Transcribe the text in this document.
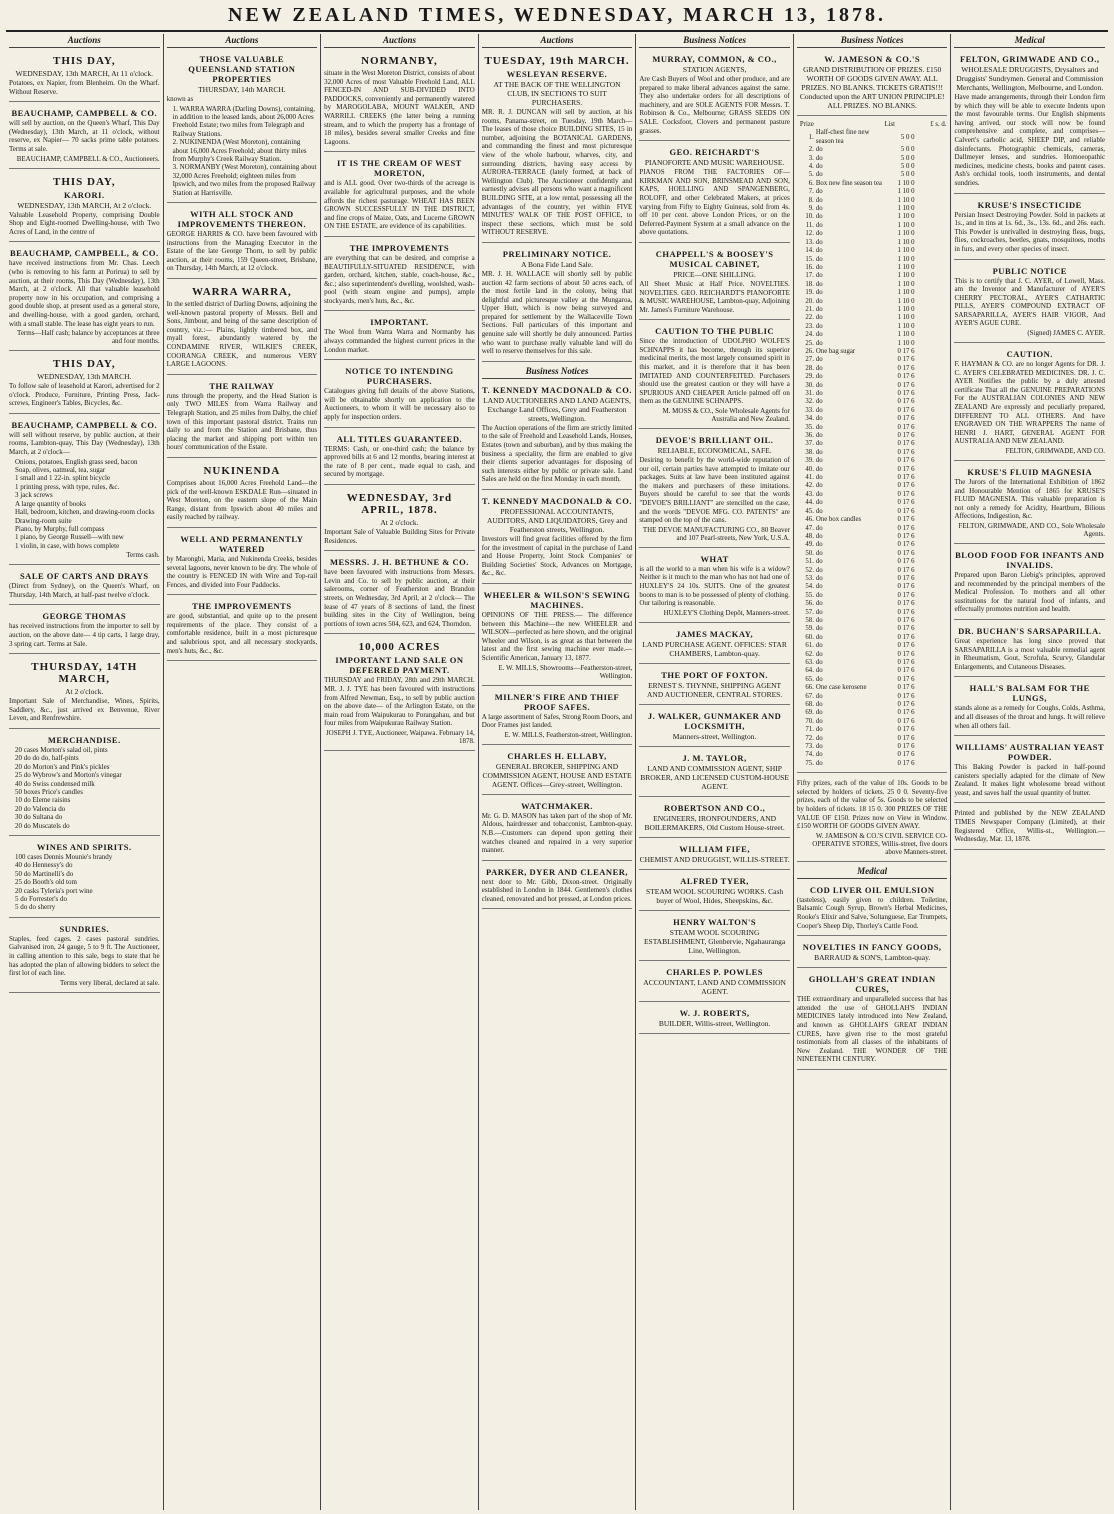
NEW ZEALAND TIMES, WEDNESDAY, MARCH 13, 1878.
Auctions
THIS DAY,
WEDNESDAY, 13th MARCH, At 11 o'clock.
Potatoes, ex Napier, from Blenheim. On the Wharf. Without Reserve.
BEAUCHAMP, CAMPBELL & CO.
will sell by auction, on the Queen's Wharf, This Day (Wednesday), 13th March, at 11 o'clock, without reserve, ex Napier— 70 sacks prime table potatoes. Terms at sale.
BEAUCHAMP, CAMPBELL & CO., Auctioneers.
THIS DAY,
KARORI.
WEDNESDAY, 13th MARCH, At 2 o'clock.
Valuable Leasehold Property, comprising Double Shop and Eight-roomed Dwelling-house, with Two Acres of Land, in the centre of
BEAUCHAMP, CAMPBELL, & CO.
have received instructions from Mr. Chas. Leech (who is removing to his farm at Porirua) to sell by auction, at their rooms, This Day (Wednesday), 13th March, at 2 o'clock. All that valuable leasehold property now in his occupation, and comprising a good double shop, at present used as a general store, and dwelling-house, with a good garden, orchard, with a small stable. The lease has eight years to run.
Terms—Half cash; balance by acceptances at three and four months.
THIS DAY,
WEDNESDAY, 13th MARCH.
To follow sale of leasehold at Karori, advertised for 2 o'clock. Produce, Furniture, Printing Press, Jack-screws, Engineer's Tables, Bicycles, &c.
BEAUCHAMP, CAMPBELL & CO.
will sell without reserve, by public auction, at their rooms, Lambton-quay, This Day (Wednesday), 13th March, at 2 o'clock—
Onions, potatoes, English grass seed, bacon
Soap, olives, oatmeal, tea, sugar
1 small and 1 22-in. splint bicycle
1 printing press, with type, rules, &c.
3 jack screws
A large quantity of books
Hall, bedroom, kitchen, and drawing-room clocks
Drawing-room suite
Piano, by Murphy, full compass
1 piano, by George Russell—with new
1 violin, in case, with bows complete
Terms cash.
SALE OF CARTS AND DRAYS
(Direct from Sydney), on the Queen's Wharf, on Thursday, 14th March, at half-past twelve o'clock.
GEORGE THOMAS
has received instructions from the importer to sell by auction, on the above date— 4 tip carts, 1 large dray, 3 spring cart. Terms at Sale.
THURSDAY, 14TH MARCH,
At 2 o'clock.
Important Sale of Merchandise, Wines, Spirits, Saddlery, &c., just arrived ex Benvenue, River Leven, and Renfrewshire.
MERCHANDISE.
20 cases Morton's salad oil, pints
20 do do do, half-pints
20 do Morton's and Pink's pickles
25 do Wybrow's and Morton's vinegar
40 do Swiss condensed milk
50 boxes Price's candles
10 do Eleme raisins
20 do Valencia do
30 do Sultana do
20 do Muscatels do
WINES AND SPIRITS.
100 cases Dennis Mounie's brandy
40 do Hennessy's do
50 do Martinelli's do
25 do Booth's old tom
20 casks Tyleria's port wine
5 do Forrester's do
5 do do sherry
SUNDRIES.
Staples, feed cages. 2 cases pastoral sundries. Galvanised iron, 24 gauge, 5 to 9 ft. The Auctioneer, in calling attention to this sale, begs to state that he has adopted the plan of allowing bidders to select the first lot of each line.
Terms very liberal, declared at sale.
Auctions
THOSE VALUABLE QUEENSLAND STATION PROPERTIES
THURSDAY, 14th MARCH.
known as
1. WARRA WARRA (Darling Downs), containing, in addition to the leased lands, about 26,000 Acres Freehold Estate; two miles from Telegraph and Railway Stations.
2. NUKINENDA (West Moreton), containing about 16,000 Acres Freehold; about thirty miles from Murphy's Creek Railway Station.
3. NORMANBY (West Moreton), containing about 32,000 Acres Freehold; eighteen miles from Ipswich, and two miles from the proposed Railway Station at Harrisville.
WITH ALL STOCK AND IMPROVEMENTS THEREON.
GEORGE HARRIS & CO. have been favoured with instructions from the Managing Executor in the Estate of the late George Thorn, to sell by public auction, at their rooms, 159 Queen-street, Brisbane, on Thursday, 14th March, at 12 o'clock.
WARRA WARRA,
In the settled district of Darling Downs, adjoining the well-known pastoral property of Messrs. Bell and Sons, Jimbour, and being of the same description of country, viz.:— Plains, lightly timbered box, and myall forest, abundantly watered by the CONDAMINE RIVER, WILKIE'S CREEK, COORANGA CREEK, and numerous VERY LARGE LAGOONS.
THE RAILWAY
runs through the property, and the Head Station is only TWO MILES from Warra Railway and Telegraph Station, and 25 miles from Dalby, the chief town of this important pastoral district. Trains run daily to and from the Station and Brisbane, thus placing the market and shipping port within ten hours' communication of the Estate.
NUKINENDA
Comprises about 16,000 Acres Freehold Land—the pick of the well-known ESKDALE Run—situated in West Moreton, on the eastern slope of the Main Range, distant from Ipswich about 40 miles and easily reached by railway.
WELL AND PERMANENTLY WATERED
by Marongbi, Maria, and Nukinenda Creeks, besides several lagoons, never known to be dry. The whole of the country is FENCED IN with Wire and Top-rail Fences, and divided into Four Paddocks.
THE IMPROVEMENTS
are good, substantial, and quite up to the present requirements of the place. They consist of a comfortable residence, built in a most picturesque and salubrious spot, and all necessary stockyards, men's huts, &c., &c.
Auctions
NORMANBY,
situate in the West Moreton District, consists of about 32,000 Acres of most Valuable Freehold Land, ALL FENCED-IN AND SUB-DIVIDED INTO PADDOCKS, conveniently and permanently watered by MAROGOLABA, MOUNT WALKER, AND WARRILL CREEKS (the latter being a running stream, and to which the property has a frontage of 18 miles), besides several smaller Creeks and fine Lagoons.
IT IS THE CREAM OF WEST MORETON,
and is ALL good. Over two-thirds of the acreage is available for agricultural purposes, and the whole affords the richest pasturage. WHEAT HAS BEEN GROWN SUCCESSFULLY IN THE DISTRICT, and fine crops of Maize, Oats, and Lucerne GROWN ON THE ESTATE, are evidence of its capabilities.
THE IMPROVEMENTS
are everything that can be desired, and comprise a BEAUTIFULLY-SITUATED RESIDENCE, with garden, orchard, kitchen, stable, coach-house, &c., &c.; also superintendent's dwelling, woolshed, wash-pool (with steam engine and pumps), ample stockyards, men's huts, &c., &c.
IMPORTANT.
The Wool from Warra Warra and Normanby has always commanded the highest current prices in the London market.
NOTICE TO INTENDING PURCHASERS.
Catalogues giving full details of the above Stations, will be obtainable shortly on application to the Auctioneers, to whom it will be necessary also to apply for inspection orders.
ALL TITLES GUARANTEED.
TERMS: Cash, or one-third cash; the balance by approved bills at 6 and 12 months, bearing interest at the rate of 8 per cent., made equal to cash, and secured by mortgage.
WEDNESDAY, 3rd APRIL, 1878.
At 2 o'clock.
Important Sale of Valuable Building Sites for Private Residences.
MESSRS. J. H. BETHUNE & CO.
have been favoured with instructions from Messrs. Levin and Co. to sell by public auction, at their salerooms, corner of Featherston and Brandon streets, on Wednesday, 3rd April, at 2 o'clock— The lease of 47 years of 8 sections of land, the finest building sites in the City of Wellington, being portions of town acres 504, 623, and 624, Thorndon.
10,000 ACRES
IMPORTANT LAND SALE ON DEFERRED PAYMENT.
THURSDAY and FRIDAY, 28th and 29th MARCH. MR. J. J. TYE has been favoured with instructions from Alfred Newman, Esq., to sell by public auction on the above date— of the Arlington Estate, on the main road from Waipukurau to Porangahau, and but four miles from Waipukurau Railway Station.
JOSEPH J. TYE, Auctioneer, Waipawa. February 14, 1878.
Auctions
TUESDAY, 19th MARCH.
WESLEYAN RESERVE.
AT THE BACK OF THE WELLINGTON CLUB, IN SECTIONS TO SUIT PURCHASERS.
MR. R. J. DUNCAN will sell by auction, at his rooms, Panama-street, on Tuesday, 19th March— The leases of those choice BUILDING SITES, 15 in number, adjoining the BOTANICAL GARDENS, and commanding the finest and most picturesque view of the whole harbour, wharves, city, and surrounding districts, having easy access by AURORA-TERRACE (lately formed, at back of Wellington Club). The Auctioneer confidently and earnestly advises all persons who want a magnificent BUILDING SITE, at a low rental, possessing all the advantages of the country, yet within FIVE MINUTES' WALK OF THE POST OFFICE, to inspect these sections, which must be sold WITHOUT RESERVE.
PRELIMINARY NOTICE.
A Bona Fide Land Sale.
MR. J. H. WALLACE will shortly sell by public auction 42 farm sections of about 50 acres each, of the most fertile land in the colony, being that delightful and picturesque valley at the Mungaroa, Upper Hutt, which is now being surveyed and prepared for settlement by the Wallaceville Town Sections. Full particulars of this important and genuine sale will shortly be duly announced. Parties who want to purchase really valuable land will do well to reserve themselves for this sale.
Business Notices
T. KENNEDY MACDONALD & CO.
LAND AUCTIONEERS AND LAND AGENTS, Exchange Land Offices, Grey and Featherston streets, Wellington.
The Auction operations of the firm are strictly limited to the sale of Freehold and Leasehold Lands, Houses, Estates (town and suburban), and by thus making the business a speciality, the firm are enabled to give their clients superior advantages for disposing of such interests either by public or private sale. Land Sales are held on the first Monday in each month.
T. KENNEDY MACDONALD & CO.
PROFESSIONAL ACCOUNTANTS, AUDITORS, AND LIQUIDATORS, Grey and Featherston streets, Wellington.
Investors will find great facilities offered by the firm for the investment of capital in the purchase of Land and House Property, Joint Stock Companies' or Building Societies' Stock, Advances on Mortgage, &c., &c.
WHEELER & WILSON'S SEWING MACHINES.
OPINIONS OF THE PRESS.— The difference between this Machine—the new WHEELER and WILSON—perfected as here shown, and the original Wheeler and Wilson, is as great as that between the latest and the first sewing machine ever made.— Scientific American, January 13, 1877.
E. W. MILLS, Showrooms—Featherston-street, Wellington.
MILNER'S FIRE AND THIEF PROOF SAFES.
A large assortment of Safes, Strong Room Doors, and Door Frames just landed.
E. W. MILLS, Featherston-street, Wellington.
CHARLES H. ELLABY,
GENERAL BROKER, SHIPPING AND COMMISSION AGENT, HOUSE AND ESTATE AGENT. Offices—Grey-street, Wellington.
WATCHMAKER.
Mr. G. D. MASON has taken part of the shop of Mr. Aldous, hairdresser and tobacconist, Lambton-quay. N.B.—Customers can depend upon getting their watches cleaned and repaired in a very superior manner.
PARKER, DYER AND CLEANER,
next door to Mr. Gibb, Dixon-street. Originally established in London in 1844. Gentlemen's clothes cleaned, renovated and hot pressed, at London prices.
Business Notices
MURRAY, COMMON, & CO.,
STATION AGENTS,
Are Cash Buyers of Wool and other produce, and are prepared to make liberal advances against the same. They also undertake orders for all descriptions of machinery, and are SOLE AGENTS FOR Messrs. T. Robinson & Co., Melbourne; GRASS SEEDS ON SALE. Cocksfoot, Clovers and permanent pasture grasses.
GEO. REICHARDT'S
PIANOFORTE AND MUSIC WAREHOUSE.
PIANOS FROM THE FACTORIES OF— KIRKMAN AND SON, BRINSMEAD AND SON, KAPS, HOELLING AND SPANGENBERG, ROLOFF, and other Celebrated Makers, at prices varying from Fifty to Eighty Guineas, sold from 4s. off 10 per cent. above London Prices, or on the Deferred-Payment System at a small advance on the above quotations.
CHAPPELL'S & BOOSEY'S MUSICAL CABINET,
PRICE—ONE SHILLING.
All Sheet Music at Half Price. NOVELTIES. NOVELTIES. GEO. REICHARDT'S PIANOFORTE & MUSIC WAREHOUSE, Lambton-quay, Adjoining Mr. James's Furniture Warehouse.
CAUTION TO THE PUBLIC
Since the introduction of UDOLPHO WOLFE'S SCHNAPPS it has become, through its superior medicinal merits, the most largely consumed spirit in this market, and it is therefore that it has been IMITATED AND COUNTERFEITED. Purchasers should use the greatest caution or they will have a SPURIOUS AND CHEAPER Article palmed off on them as the GENUINE SCHNAPPS.
M. MOSS & CO., Sole Wholesale Agents for Australia and New Zealand.
DEVOE'S BRILLIANT OIL.
RELIABLE, ECONOMICAL, SAFE.
Desiring to benefit by the world-wide reputation of our oil, certain parties have attempted to imitate our packages. Suits at law have been instituted against the makers and purchasers of these imitations. Buyers should be careful to see that the words "DEVOE'S BRILLIANT" are stencilled on the case, and the words "DEVOE MFG. CO. PATENTS" are stamped on the top of the cans.
THE DEVOE MANUFACTURING CO., 80 Beaver and 107 Pearl-streets, New York, U.S.A.
WHAT
is all the world to a man when his wife is a widow? Neither is it much to the man who has not had one of HUXLEY'S 24 10s. SUITS. One of the greatest boons to man is to be possessed of plenty of clothing. Our tailoring is reasonable.
HUXLEY'S Clothing Depôt, Manners-street.
JAMES MACKAY,
LAND PURCHASE AGENT. OFFICES: STAR CHAMBERS, Lambton-quay.
THE PORT OF FOXTON.
ERNEST S. THYNNE, SHIPPING AGENT AND AUCTIONEER, CENTRAL STORES.
J. WALKER, GUNMAKER AND LOCKSMITH,
Manners-street, Wellington.
J. M. TAYLOR,
LAND AND COMMISSION AGENT, SHIP BROKER, AND LICENSED CUSTOM-HOUSE AGENT.
ROBERTSON AND CO.,
ENGINEERS, IRONFOUNDERS, AND BOILERMAKERS, Old Custom House-street.
WILLIAM FIFE,
CHEMIST AND DRUGGIST, WILLIS-STREET.
ALFRED TYER,
STEAM WOOL SCOURING WORKS. Cash buyer of Wool, Hides, Sheepskins, &c.
HENRY WALTON'S
STEAM WOOL SCOURING ESTABLISHMENT, Glenbervie, Ngahauranga Line, Wellington.
CHARLES P. POWLES
ACCOUNTANT, LAND AND COMMISSION AGENT.
W. J. ROBERTS,
BUILDER, Willis-street, Wellington.
Business Notices
W. JAMESON & CO.'S
GRAND DISTRIBUTION OF PRIZES. £150 WORTH OF GOODS GIVEN AWAY. ALL PRIZES. NO BLANKS. TICKETS GRATIS!!! Conducted upon the ART UNION PRINCIPLE! ALL PRIZES. NO BLANKS.
Prize		List	£ s. d.
1.	Half-chest fine new season tea	5 0 0	
2.	do	5 0 0	
3.	do	5 0 0	
4.	do	5 0 0	
5.	do	5 0 0	
6.	Box new fine season tea	1 10 0	
7.	do	1 10 0	
8.	do	1 10 0	
9.	do	1 10 0	
10.	do	1 10 0	
11.	do	1 10 0	
12.	do	1 10 0	
13.	do	1 10 0	
14.	do	1 10 0	
15.	do	1 10 0	
16.	do	1 10 0	
17.	do	1 10 0	
18.	do	1 10 0	
19.	do	1 10 0	
20.	do	1 10 0	
21.	do	1 10 0	
22.	do	1 10 0	
23.	do	1 10 0	
24.	do	1 10 0	
25.	do	1 10 0	
26.	One bag sugar	0 17 6	
27.	do	0 17 6	
28.	do	0 17 6	
29.	do	0 17 6	
30.	do	0 17 6	
31.	do	0 17 6	
32.	do	0 17 6	
33.	do	0 17 6	
34.	do	0 17 6	
35.	do	0 17 6	
36.	do	0 17 6	
37.	do	0 17 6	
38.	do	0 17 6	
39.	do	0 17 6	
40.	do	0 17 6	
41.	do	0 17 6	
42.	do	0 17 6	
43.	do	0 17 6	
44.	do	0 17 6	
45.	do	0 17 6	
46.	One box candles	0 17 6	
47.	do	0 17 6	
48.	do	0 17 6	
49.	do	0 17 6	
50.	do	0 17 6	
51.	do	0 17 6	
52.	do	0 17 6	
53.	do	0 17 6	
54.	do	0 17 6	
55.	do	0 17 6	
56.	do	0 17 6	
57.	do	0 17 6	
58.	do	0 17 6	
59.	do	0 17 6	
60.	do	0 17 6	
61.	do	0 17 6	
62.	do	0 17 6	
63.	do	0 17 6	
64.	do	0 17 6	
65.	do	0 17 6	
66.	One case kerosene	0 17 6	
67.	do	0 17 6	
68.	do	0 17 6	
69.	do	0 17 6	
70.	do	0 17 6	
71.	do	0 17 6	
72.	do	0 17 6	
73.	do	0 17 6	
74.	do	0 17 6	
75.	do	0 17 6	
Fifty prizes, each of the value of 10s. Goods to be selected by holders of tickets. 25 0 0. Seventy-five prizes, each of the value of 5s. Goods to be selected by holders of tickets. 18 15 0. 300 PRIZES OF THE VALUE OF £150. Prizes now on View in Window. £150 WORTH OF GOODS GIVEN AWAY.
W. JAMESON & CO.'S CIVIL SERVICE CO-OPERATIVE STORES, Willis-street, five doors above Manners-street.
Medical
COD LIVER OIL EMULSION
(tasteless), easily given to children. Toiletine, Balsamic Cough Syrup, Brown's Herbal Medicines, Rooke's Elixir and Salve, Soltanguese, Ear Trumpets, Cooper's Sheep Dip, Thorley's Cattle Food.
NOVELTIES IN FANCY GOODS,
BARRAUD & SON'S, Lambton-quay.
GHOLLAH'S GREAT INDIAN CURES,
THE extraordinary and unparalleled success that has attended the use of GHOLLAH'S INDIAN MEDICINES lately introduced into New Zealand, and known as GHOLLAH'S GREAT INDIAN CURES, have given rise to the most grateful testimonials from all classes of the inhabitants of New Zealand. THE WONDER OF THE NINETEENTH CENTURY.
Medical
FELTON, GRIMWADE AND CO.,
WHOLESALE DRUGGISTS, Drysalters and Druggists' Sundrymen. General and Commission Merchants, Wellington, Melbourne, and London.
Have made arrangements, through their London firm by which they will be able to execute Indents upon the most favourable terms. Our English shipments having arrived, our stock will now be found comprehensive and complete, and comprises— Calvert's carbolic acid, SHEEP DIP, and reliable disinfectants. Photographic chemicals, cameras, Dallmeyer lenses, and sundries. Homoeopathic medicines, medicine chests, books and patent cases. Ash's orchidal tools, tooth instruments, and dental sundries.
KRUSE'S INSECTICIDE
Persian Insect Destroying Powder. Sold in packets at 1s., and in tins at 1s. 6d., 3s., 13s. 6d., and 26s. each. This Powder is unrivalled in destroying fleas, bugs, flies, cockroaches, beetles, gnats, mosquitoes, moths in furs, and every other species of insect.
PUBLIC NOTICE
This is to certify that J. C. AYER, of Lowell, Mass. am the Inventor and Manufacturer of AYER'S CHERRY PECTORAL, AYER'S CATHARTIC PILLS, AYER'S COMPOUND EXTRACT OF SARSAPARILLA, AYER'S HAIR VIGOR, And AYER'S AGUE CURE.
(Signed) JAMES C. AYER.
CAUTION.
F. HAYMAN & CO. are no longer Agents for DR. J. C. AYER'S CELEBRATED MEDICINES. DR. J. C. AYER Notifies the public by a duly attested certificate That all the GENUINE PREPARATIONS For the AUSTRALIAN COLONIES AND NEW ZEALAND Are expressly and peculiarly prepared, DIFFERENT TO ALL OTHERS. And have ENGRAVED ON THE WRAPPERS The name of HENRI J. HART, GENERAL AGENT FOR AUSTRALIA AND NEW ZEALAND.
FELTON, GRIMWADE, AND CO.
KRUSE'S FLUID MAGNESIA
The Jurors of the International Exhibition of 1862 and Honourable Mention of 1865 for KRUSE'S FLUID MAGNESIA. This valuable preparation is not only a remedy for Acidity, Heartburn, Bilious Affections, Indigestion, &c.
FELTON, GRIMWADE, AND CO., Sole Wholesale Agents.
BLOOD FOOD FOR INFANTS AND INVALIDS.
Prepared upon Baron Liebig's principles, approved and recommended by the principal members of the Medical Profession. To mothers and all other sustitutions for the natural food of infants, and effectually promotes nutrition and health.
DR. BUCHAN'S SARSAPARILLA.
Great experience has long since proved that SARSAPARILLA is a most valuable remedial agent in Rheumatism, Gout, Scrofula, Scurvy, Glandular Enlargements, and Cutaneous Diseases.
HALL'S BALSAM FOR THE LUNGS,
stands alone as a remedy for Coughs, Colds, Asthma, and all diseases of the throat and lungs. It will relieve when all others fail.
WILLIAMS' AUSTRALIAN YEAST POWDER.
This Baking Powder is packed in half-pound canisters specially adapted for the climate of New Zealand. It makes light wholesome bread without yeast, and saves half the usual quantity of butter.
Printed and published by the NEW ZEALAND TIMES Newspaper Company (Limited), at their Registered Office, Willis-st., Wellington.—Wednesday, Mar. 13, 1878.
